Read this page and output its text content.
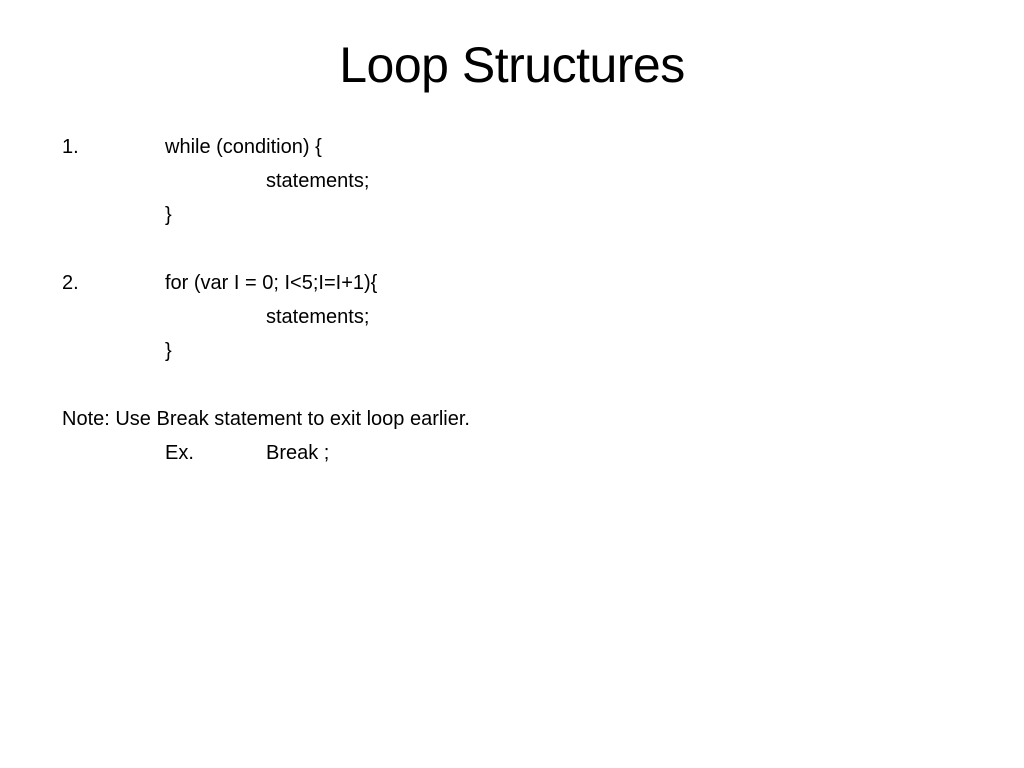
Loop Structures

1.

	while (condition) {

statements;

}

2.

	for (var I = 0; I<5;I=I+1){

statements;

}

Note: Use Break statement to exit loop earlier.

Ex.

	Break ;
